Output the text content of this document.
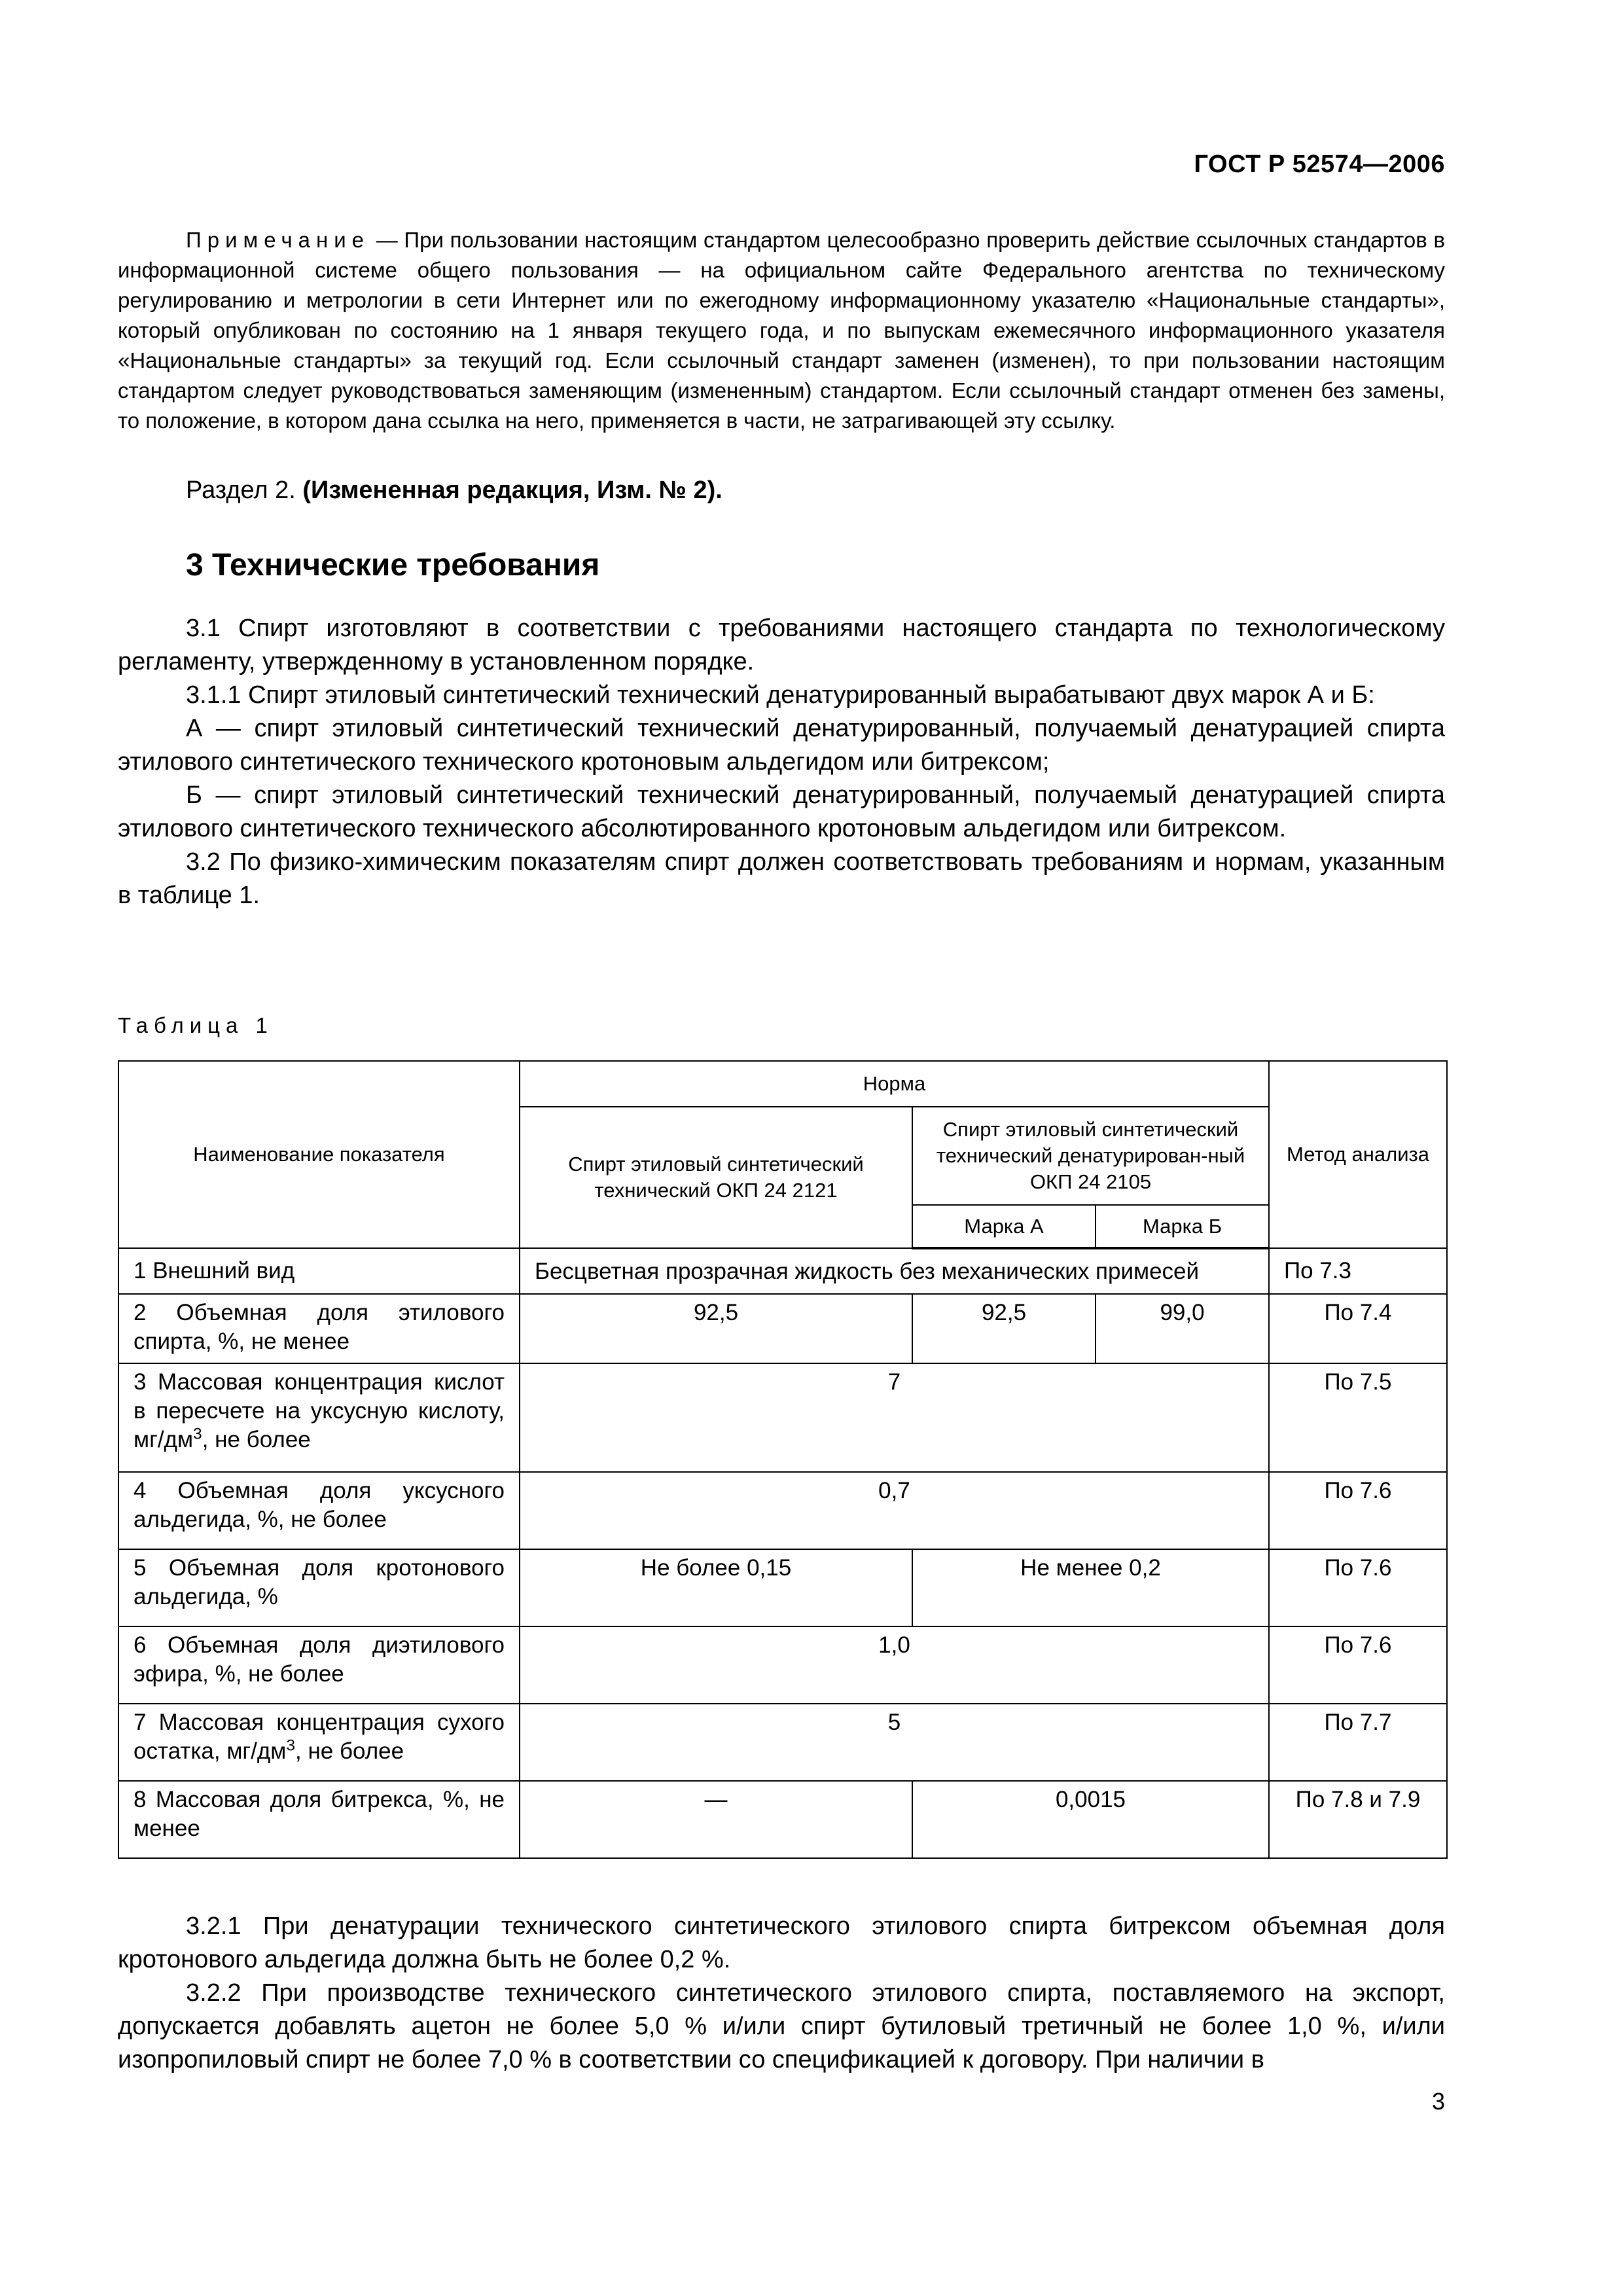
ГОСТ Р 52574—2006

Примечание — При пользовании настоящим стандартом целесообразно проверить действие ссылочных стандартов в информационной системе общего пользования — на официальном сайте Федерального агентства по техническому регулированию и метрологии в сети Интернет или по ежегодному информационному указателю «Национальные стандарты», который опубликован по состоянию на 1 января текущего года, и по выпускам ежемесячного информационного указателя «Национальные стандарты» за текущий год. Если ссылочный стандарт заменен (изменен), то при пользовании настоящим стандартом следует руководствоваться заменяющим (измененным) стандартом. Если ссылочный стандарт отменен без замены, то положение, в котором дана ссылка на него, применяется в части, не затрагивающей эту ссылку.

Раздел 2. (Измененная редакция, Изм. № 2).
3 Технические требования

3.1 Спирт изготовляют в соответствии с требованиями настоящего стандарта по технологическому регламенту, утвержденному в установленном порядке.

3.1.1 Спирт этиловый синтетический технический денатурированный вырабатывают двух марок А и Б:

А — спирт этиловый синтетический технический денатурированный, получаемый денатурацией спирта этилового синтетического технического кротоновым альдегидом или битрексом;

Б — спирт этиловый синтетический технический денатурированный, получаемый денатурацией спирта этилового синтетического технического абсолютированного кротоновым альдегидом или битрексом.

3.2 По физико-химическим показателям спирт должен соответствовать требованиям и нормам, указанным в таблице 1.

Таблица 1
Наименование показателя	Норма			Метод анализа
	Спирт этиловый синтетический технический ОКП 24 2121	Спирт этиловый синтетический технический денатурирован-ный ОКП 24 2105		
		Марка А	Марка Б	
1 Внешний вид	Бесцветная прозрачная жидкость без механических примесей			По 7.3
2 Объемная доля этилового спирта, %, не менее	92,5	92,5	99,0	По 7.4
3 Массовая концентрация кислот в пересчете на уксусную кислоту, $мг/дм^3$, не более	7			По 7.5
4 Объемная доля уксусного альдегида, %, не более	0,7			По 7.6
5 Объемная доля кротонового альдегида, %	Не более 0,15	Не менее 0,2		По 7.6
6 Объемная доля диэтилового эфира, %, не более	1,0			По 7.6
7 Массовая концентрация сухого остатка, $мг/дм^3$, не более	5			По 7.7
8 Массовая доля битрекса, %, не менее	—	0,0015		По 7.8 и 7.9

3.2.1 При денатурации технического синтетического этилового спирта битрексом объемная доля кротонового альдегида должна быть не более 0,2 %.

3.2.2 При производстве технического синтетического этилового спирта, поставляемого на экспорт, допускается добавлять ацетон не более 5,0 % и/или спирт бутиловый третичный не более 1,0 %, и/или изопропиловый спирт не более 7,0 % в соответствии со спецификацией к договору. При наличии в

3
